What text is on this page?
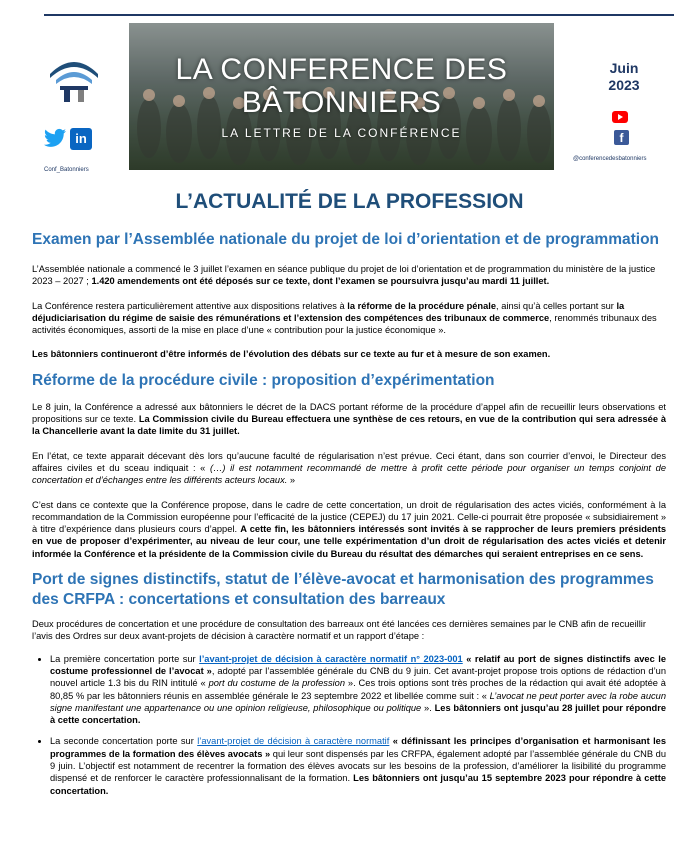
in
Conf_Batonniers
LA CONFERENCE DES BÂTONNIERS
LA LETTRE DE LA CONFÉRENCE
Juin
2023
f
@conferencedesbatonniers
L’ACTUALITÉ DE LA PROFESSION
Examen par l’Assemblée nationale du projet de loi d’orientation et de programmation

L’Assemblée nationale a commencé le 3 juillet l’examen en séance publique du projet de loi d’orientation et de programmation du ministère de la justice 2023 – 2027 ; 1.420 amendements ont été déposés sur ce texte, dont l’examen se poursuivra jusqu’au mardi 11 juillet.

La Conférence restera particulièrement attentive aux dispositions relatives à la réforme de la procédure pénale, ainsi qu’à celles portant sur la déjudiciarisation du régime de saisie des rémunérations et l’extension des compétences des tribunaux de commerce, renommés tribunaux des activités économiques, assorti de la mise en place d’une « contribution pour la justice économique ».

Les bâtonniers continueront d’être informés de l’évolution des débats sur ce texte au fur et à mesure de son examen.

Réforme de la procédure civile : proposition d’expérimentation

Le 8 juin, la Conférence a adressé aux bâtonniers le décret de la DACS portant réforme de la procédure d’appel afin de recueillir leurs observations et propositions sur ce texte. La Commission civile du Bureau effectuera une synthèse de ces retours, en vue de la contribution qui sera adressée à la Chancellerie avant la date limite du 31 juillet.

En l’état, ce texte apparait décevant dès lors qu’aucune faculté de régularisation n’est prévue. Ceci étant, dans son courrier d’envoi, le Directeur des affaires civiles et du sceau indiquait : « (…) il est notamment recommandé de mettre à profit cette période pour organiser un temps conjoint de concertation et d’échanges entre les différents acteurs locaux. »

C’est dans ce contexte que la Conférence propose, dans le cadre de cette concertation, un droit de régularisation des actes viciés, conformément à la recommandation de la Commission européenne pour l’efficacité de la justice (CEPEJ) du 17 juin 2021. Celle-ci pourrait être proposée « subsidiairement » à titre d’expérience dans plusieurs cours d’appel. A cette fin, les bâtonniers intéressés sont invités à se rapprocher de leurs premiers présidents en vue de proposer d’expérimenter, au niveau de leur cour, une telle expérimentation d’un droit de régularisation des actes viciés et detenir informée la Conférence et la présidente de la Commission civile du Bureau du résultat des démarches qui seraient entreprises en ce sens.

Port de signes distinctifs, statut de l’élève-avocat et harmonisation des programmes des CRFPA : concertations et consultation des barreaux

Deux procédures de concertation et une procédure de consultation des barreaux ont été lancées ces dernières semaines par le CNB afin de recueillir l’avis des Ordres sur deux avant-projets de décision à caractère normatif et un rapport d’étape :

• La première concertation porte sur l’avant-projet de décision à caractère normatif n° 2023-001 « relatif au port de signes distinctifs avec le costume professionnel de l’avocat », adopté par l’assemblée générale du CNB du 9 juin. Cet avant-projet propose trois options de rédaction d’un nouvel article 1.3 bis du RIN intitulé « port du costume de la profession ». Ces trois options sont très proches de la rédaction qui avait été adoptée à 80,85 % par les bâtonniers réunis en assemblée générale le 23 septembre 2022 et libellée comme suit : « L’avocat ne peut porter avec la robe aucun signe manifestant une appartenance ou une opinion religieuse, philosophique ou politique ». Les bâtonniers ont jusqu’au 28 juillet pour répondre à cette concertation.
• La seconde concertation porte sur l’avant-projet de décision à caractère normatif « définissant les principes d’organisation et harmonisant les programmes de la formation des élèves avocats » qui leur sont dispensés par les CRFPA, également adopté par l’assemblée générale du CNB du 9 juin. L’objectif est notamment de recentrer la formation des élèves avocats sur les besoins de la profession, d’améliorer la lisibilité du programme dispensé et de renforcer le caractère professionnalisant de la formation. Les bâtonniers ont jusqu’au 15 septembre 2023 pour répondre à cette concertation.
